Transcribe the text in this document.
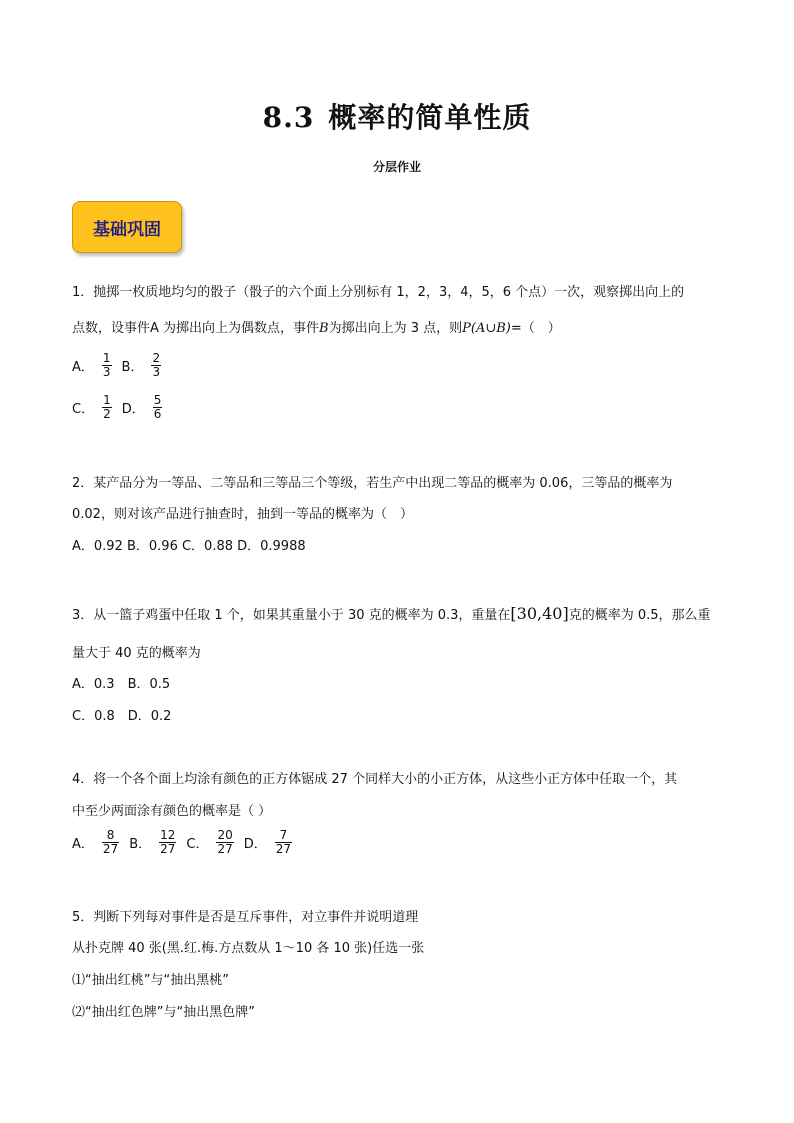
8.3 概率的简单性质
分层作业
基础巩固
1．抛掷一枚质地均匀的骰子（骰子的六个面上分别标有 1，2，3，4，5，6 个点）一次，观察掷出向上的
点数，设事件A 为掷出向上为偶数点，事件B为掷出向上为 3 点，则P(A∪B)=（　）
A． $\frac{1}{3}$ B． $\frac{2}{3}$
C． $\frac{1}{2}$ D． $\frac{5}{6}$
2．某产品分为一等品、二等品和三等品三个等级，若生产中出现二等品的概率为 0.06，三等品的概率为
0.02，则对该产品进行抽查时，抽到一等品的概率为（　）
A．0.92 B．0.96 C．0.88 D．0.9988
3．从一篮子鸡蛋中任取 1 个，如果其重量小于 30 克的概率为 0.3，重量在[30,40]克的概率为 0.5，那么重
量大于 40 克的概率为
A．0.3　B．0.5
C．0.8　D．0.2
4．将一个各个面上均涂有颜色的正方体锯成 27 个同样大小的小正方体，从这些小正方体中任取一个，其
中至少两面涂有颜色的概率是（ ）
A． $\frac{8}{27}$ B． $\frac{12}{27}$ C． $\frac{20}{27}$ D． $\frac{7}{27}$
5．判断下列每对事件是否是互斥事件，对立事件并说明道理
从扑克牌 40 张(黑.红.梅.方点数从 1～10 各 10 张)任选一张
⑴“抽出红桃”与“抽出黑桃”
⑵“抽出红色牌”与“抽出黑色牌”
